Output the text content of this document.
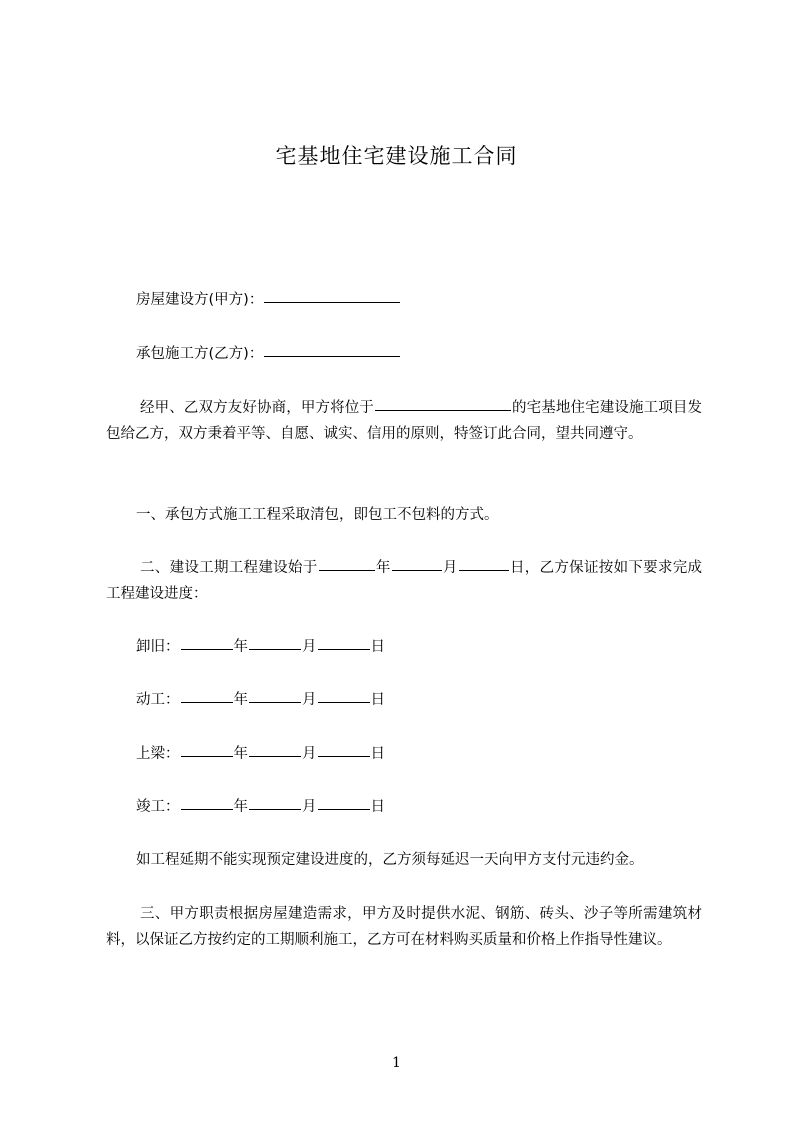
宅基地住宅建设施工合同
房屋建设方(甲方)：
承包施工方(乙方)：
经甲、乙双方友好协商，甲方将位于	的宅基地住宅建设施工项目发包给乙方，双方秉着平等、自愿、诚实、信用的原则，特签订此合同，望共同遵守。
一、承包方式施工工程采取清包，即包工不包料的方式。
二、建设工期工程建设始于	年	月	日，乙方保证按如下要求完成工程建设进度：
卸旧：	年	月	日
动工：	年	月	日
上梁：	年	月	日
竣工：	年	月	日
如工程延期不能实现预定建设进度的，乙方须每延迟一天向甲方支付元违约金。
三、甲方职责根据房屋建造需求，甲方及时提供水泥、钢筋、砖头、沙子等所需建筑材料，以保证乙方按约定的工期顺利施工，乙方可在材料购买质量和价格上作指导性建议。
1
